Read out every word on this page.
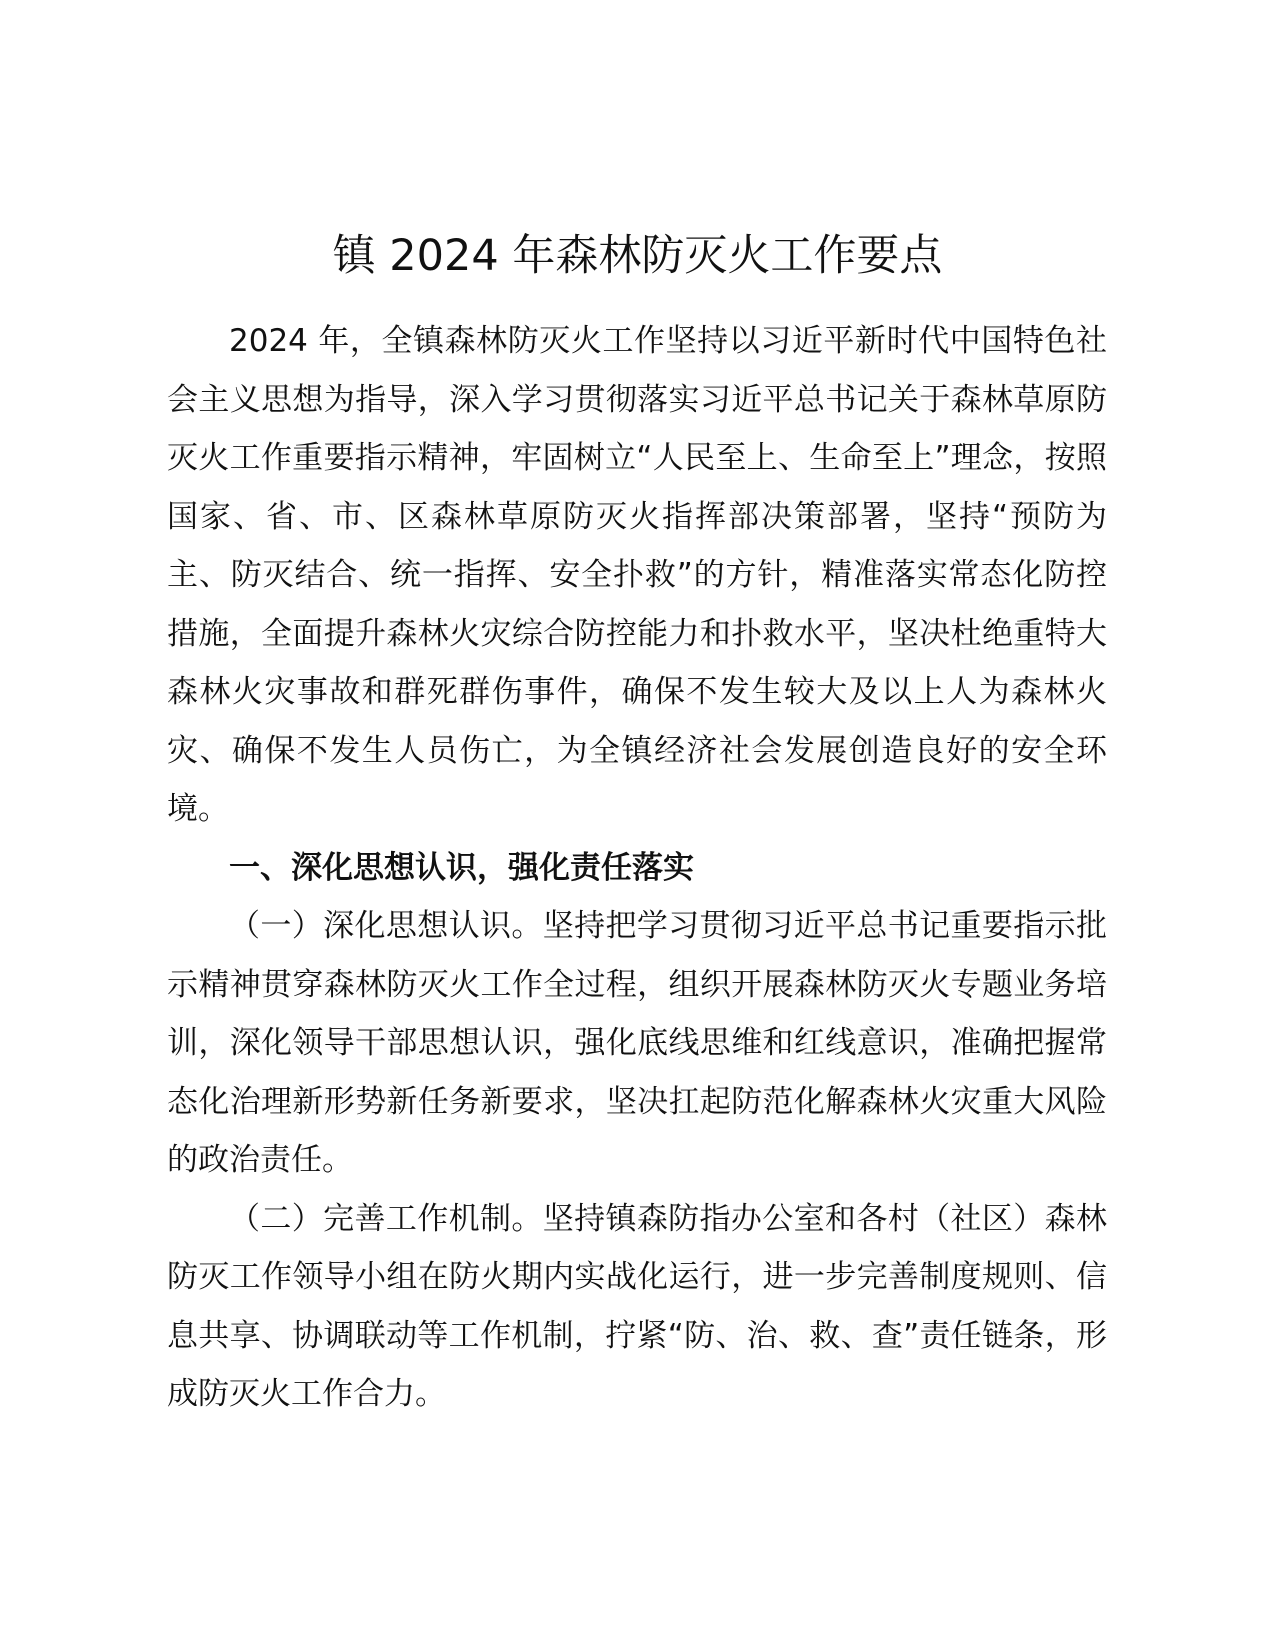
镇 2024 年森林防灭火工作要点

2024 年，全镇森林防灭火工作坚持以习近平新时代中国特色社会主义思想为指导，深入学习贯彻落实习近平总书记关于森林草原防灭火工作重要指示精神，牢固树立“人民至上、生命至上”理念，按照国家、省、市、区森林草原防灭火指挥部决策部署，坚持“预防为主、防灭结合、统一指挥、安全扑救”的方针，精准落实常态化防控措施，全面提升森林火灾综合防控能力和扑救水平，坚决杜绝重特大森林火灾事故和群死群伤事件，确保不发生较大及以上人为森林火灾、确保不发生人员伤亡，为全镇经济社会发展创造良好的安全环境。

一、深化思想认识，强化责任落实

（一）深化思想认识。坚持把学习贯彻习近平总书记重要指示批示精神贯穿森林防灭火工作全过程，组织开展森林防灭火专题业务培训，深化领导干部思想认识，强化底线思维和红线意识，准确把握常态化治理新形势新任务新要求，坚决扛起防范化解森林火灾重大风险的政治责任。

（二）完善工作机制。坚持镇森防指办公室和各村（社区）森林防灭工作领导小组在防火期内实战化运行，进一步完善制度规则、信息共享、协调联动等工作机制，拧紧“防、治、救、查”责任链条，形成防灭火工作合力。
